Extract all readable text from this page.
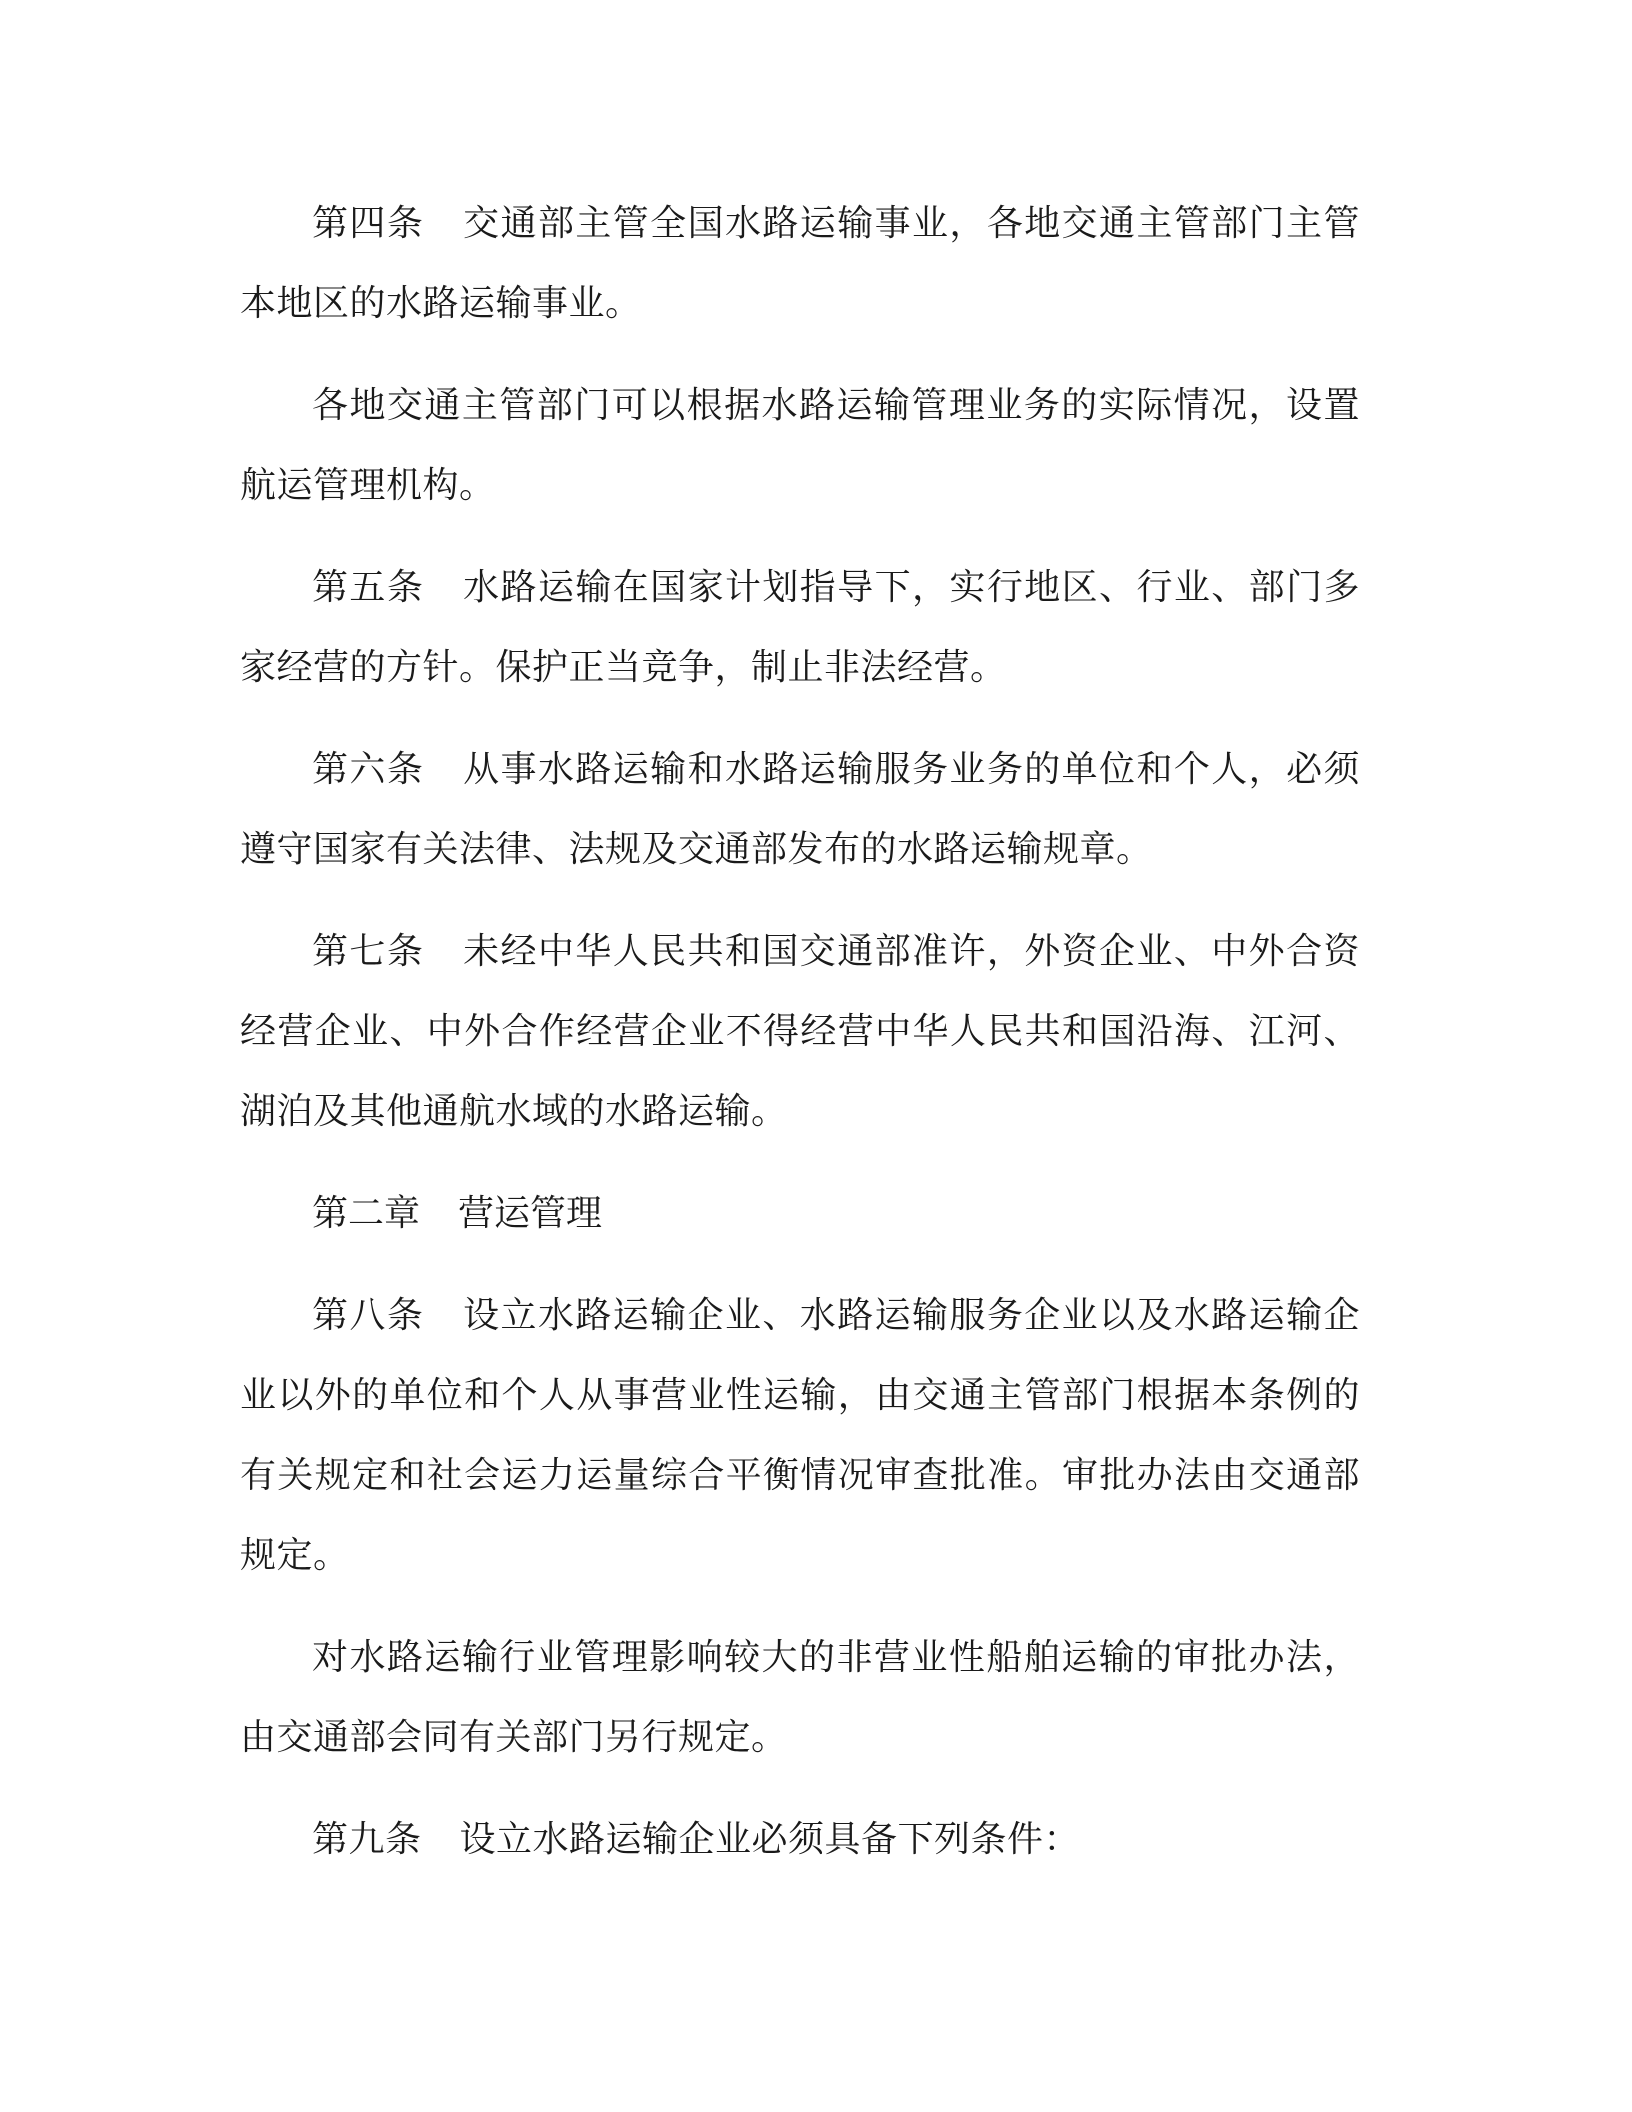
第四条 交通部主管全国水路运输事业，各地交通主管部门主管本地区的水路运输事业。

各地交通主管部门可以根据水路运输管理业务的实际情况，设置航运管理机构。

第五条 水路运输在国家计划指导下，实行地区、行业、部门多家经营的方针。保护正当竞争，制止非法经营。

第六条 从事水路运输和水路运输服务业务的单位和个人，必须遵守国家有关法律、法规及交通部发布的水路运输规章。

第七条 未经中华人民共和国交通部准许，外资企业、中外合资经营企业、中外合作经营企业不得经营中华人民共和国沿海、江河、湖泊及其他通航水域的水路运输。

第二章 营运管理

第八条 设立水路运输企业、水路运输服务企业以及水路运输企业以外的单位和个人从事营业性运输，由交通主管部门根据本条例的有关规定和社会运力运量综合平衡情况审查批准。审批办法由交通部规定。

对水路运输行业管理影响较大的非营业性船舶运输的审批办法，由交通部会同有关部门另行规定。

第九条 设立水路运输企业必须具备下列条件：
